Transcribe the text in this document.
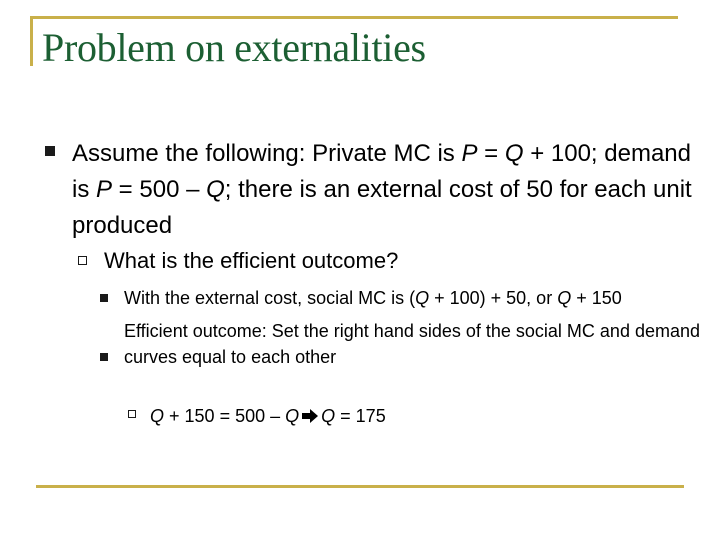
Problem on externalities
Assume the following: Private MC is P = Q + 100; demand is P = 500 – Q; there is an external cost of 50 for each unit produced
What is the efficient outcome?
With the external cost, social MC is (Q + 100) + 50, or Q + 150
Efficient outcome: Set the right hand sides of the social MC and demand curves equal to each other
Q + 150 = 500 – Q Q = 175
